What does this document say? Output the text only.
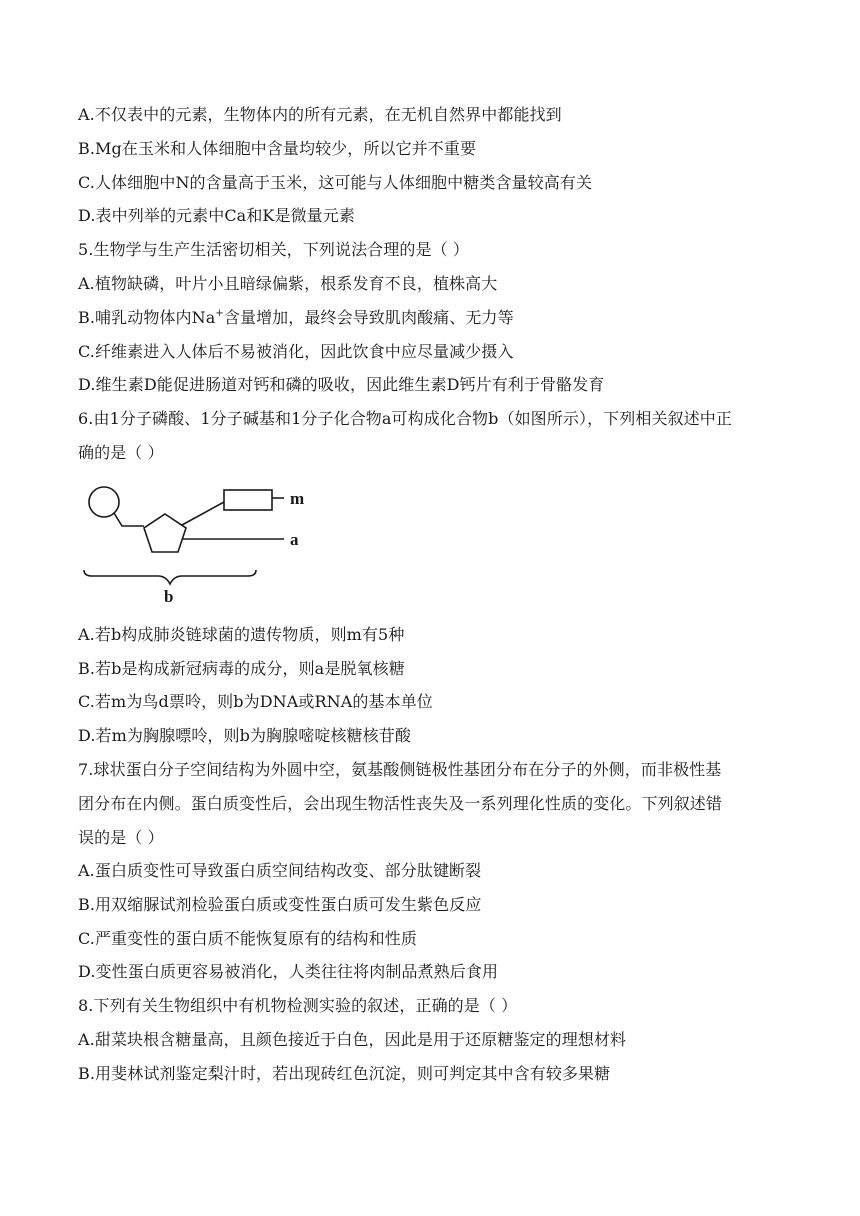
A.不仅表中的元素，生物体内的所有元素，在无机自然界中都能找到
B.Mg在玉米和人体细胞中含量均较少，所以它并不重要
C.人体细胞中N的含量高于玉米，这可能与人体细胞中糖类含量较高有关
D.表中列举的元素中Ca和K是微量元素
5.生物学与生产生活密切相关，下列说法合理的是（ ）
A.植物缺磷，叶片小且暗绿偏紫，根系发育不良，植株高大
B.哺乳动物体内Na+含量增加，最终会导致肌肉酸痛、无力等
C.纤维素进入人体后不易被消化，因此饮食中应尽量减少摄入
D.维生素D能促进肠道对钙和磷的吸收，因此维生素D钙片有利于骨骼发育
6.由1分子磷酸、1分子碱基和1分子化合物a可构成化合物b（如图所示），下列相关叙述中正
确的是（ ）
m
a
b
A.若b构成肺炎链球菌的遗传物质，则m有5种
B.若b是构成新冠病毒的成分，则a是脱氧核糖
C.若m为鸟d票呤，则b为DNA或RNA的基本单位
D.若m为胸腺嘌呤，则b为胸腺嘧啶核糖核苷酸
7.球状蛋白分子空间结构为外圆中空，氨基酸侧链极性基团分布在分子的外侧，而非极性基
团分布在内侧。蛋白质变性后，会出现生物活性丧失及一系列理化性质的变化。下列叙述错
误的是（ ）
A.蛋白质变性可导致蛋白质空间结构改变、部分肽键断裂
B.用双缩脲试剂检验蛋白质或变性蛋白质可发生紫色反应
C.严重变性的蛋白质不能恢复原有的结构和性质
D.变性蛋白质更容易被消化，人类往往将肉制品煮熟后食用
8.下列有关生物组织中有机物检测实验的叙述，正确的是（ ）
A.甜菜块根含糖量高，且颜色接近于白色，因此是用于还原糖鉴定的理想材料
B.用斐林试剂鉴定梨汁时，若出现砖红色沉淀，则可判定其中含有较多果糖
